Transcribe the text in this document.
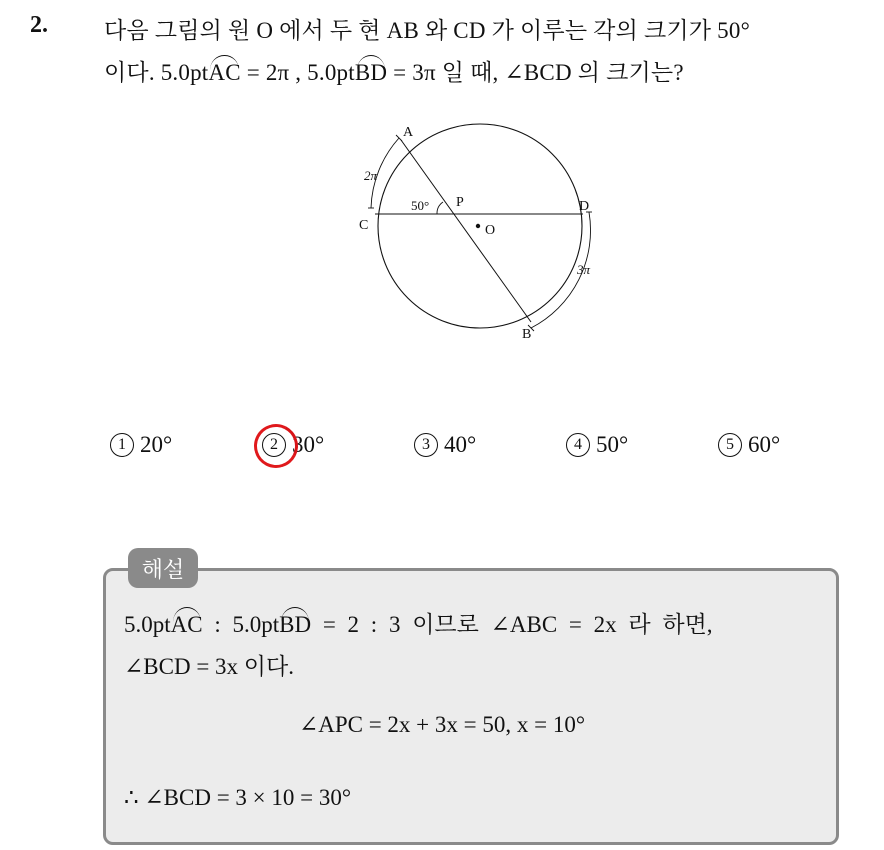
2. 다음 그림의 원 O 에서 두 현 AB 와 CD 가 이루는 각의 크기가 50°
이다. 5.0ptAC = 2π , 5.0ptBD = 3π 일 때, ∠BCD 의 크기는?
A
B
C
D
P
O
2π
3π
50°
1 20°	2 30°	3 40°	4 50°	5 60°
해설
5.0ptAC : 5.0ptBD = 2 : 3 이므로 ∠ABC = 2x 라 하면,
∠BCD = 3x 이다.
∠APC = 2x + 3x = 50, x = 10°
∴ ∠BCD = 3 × 10 = 30°
